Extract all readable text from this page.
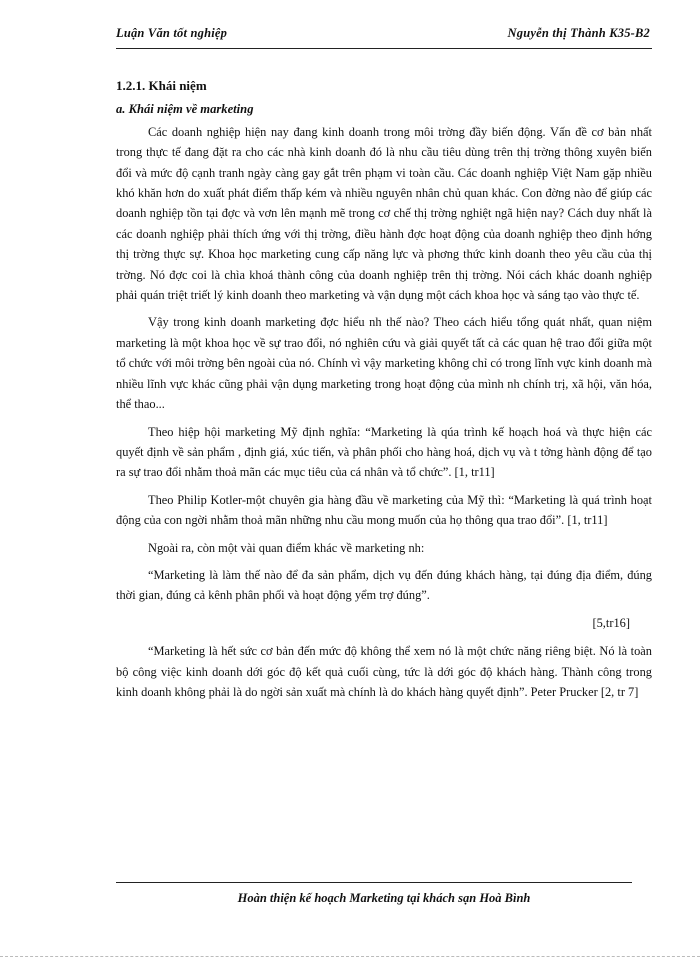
Luận Văn tốt nghiệp	Nguyễn thị Thành K35-B2
1.2.1. Khái niệm
a. Khái niệm về marketing

Các doanh nghiệp hiện nay đang kinh doanh trong môi trờng đầy biến động. Vấn đề cơ bản nhất trong thực tế đang đặt ra cho các nhà kinh doanh đó là nhu cầu tiêu dùng trên thị trờng thông xuyên biến đổi và mức độ cạnh tranh ngày càng gay gắt trên phạm vi toàn cầu. Các doanh nghiệp Việt Nam gặp nhiều khó khăn hơn do xuất phát điểm thấp kém và nhiều nguyên nhân chủ quan khác. Con đờng nào để giúp các doanh nghiệp tồn tại đợc và vơn lên mạnh mẽ trong cơ chế thị trờng nghiệt ngã hiện nay? Cách duy nhất là các doanh nghiệp phải thích ứng với thị trờng, điều hành đợc hoạt động của doanh nghiệp theo định hớng thị trờng thực sự. Khoa học marketing cung cấp năng lực và phơng thức kinh doanh theo yêu cầu của thị trờng. Nó đợc coi là chìa khoá thành công của doanh nghiệp trên thị trờng. Nói cách khác doanh nghiệp phải quán triệt triết lý kinh doanh theo marketing và vận dụng một cách khoa học và sáng tạo vào thực tế.

Vậy trong kinh doanh marketing đợc hiểu nh thế nào? Theo cách hiểu tổng quát nhất, quan niệm marketing là một khoa học về sự trao đổi, nó nghiên cứu và giải quyết tất cả các quan hệ trao đổi giữa một tổ chức với môi trờng bên ngoài của nó. Chính vì vậy marketing không chỉ có trong lĩnh vực kinh doanh mà nhiều lĩnh vực khác cũng phải vận dụng marketing trong hoạt động của mình nh chính trị, xã hội, văn hóa, thể thao...

Theo hiệp hội marketing Mỹ định nghĩa: “Marketing là qúa trình kế hoạch hoá và thực hiện các quyết định về sản phẩm , định giá, xúc tiến, và phân phối cho hàng hoá, dịch vụ và t tởng hành động để tạo ra sự trao đổi nhằm thoả mãn các mục tiêu của cá nhân và tổ chức”. [1, tr11]

Theo Philip Kotler-một chuyên gia hàng đầu về marketing của Mỹ thì: “Marketing là quá trình hoạt động của con ngời nhằm thoả mãn những nhu cầu mong muốn của họ thông qua trao đổi”. [1, tr11]

Ngoài ra, còn một vài quan điểm khác về marketing nh:

“Marketing là làm thế nào để đa sản phẩm, dịch vụ đến đúng khách hàng, tại đúng địa điểm, đúng thời gian, đúng cả kênh phân phối và hoạt động yểm trợ đúng”.

[5,tr16]

“Marketing là hết sức cơ bản đến mức độ không thể xem nó là một chức năng riêng biệt. Nó là toàn bộ công việc kinh doanh dới góc độ kết quả cuối cùng, tức là dới góc độ khách hàng. Thành công trong kinh doanh không phải là do ngời sản xuất mà chính là do khách hàng quyết định”. Peter Prucker [2, tr 7]

Hoàn thiện kế hoạch Marketing tại khách sạn Hoà Bình
